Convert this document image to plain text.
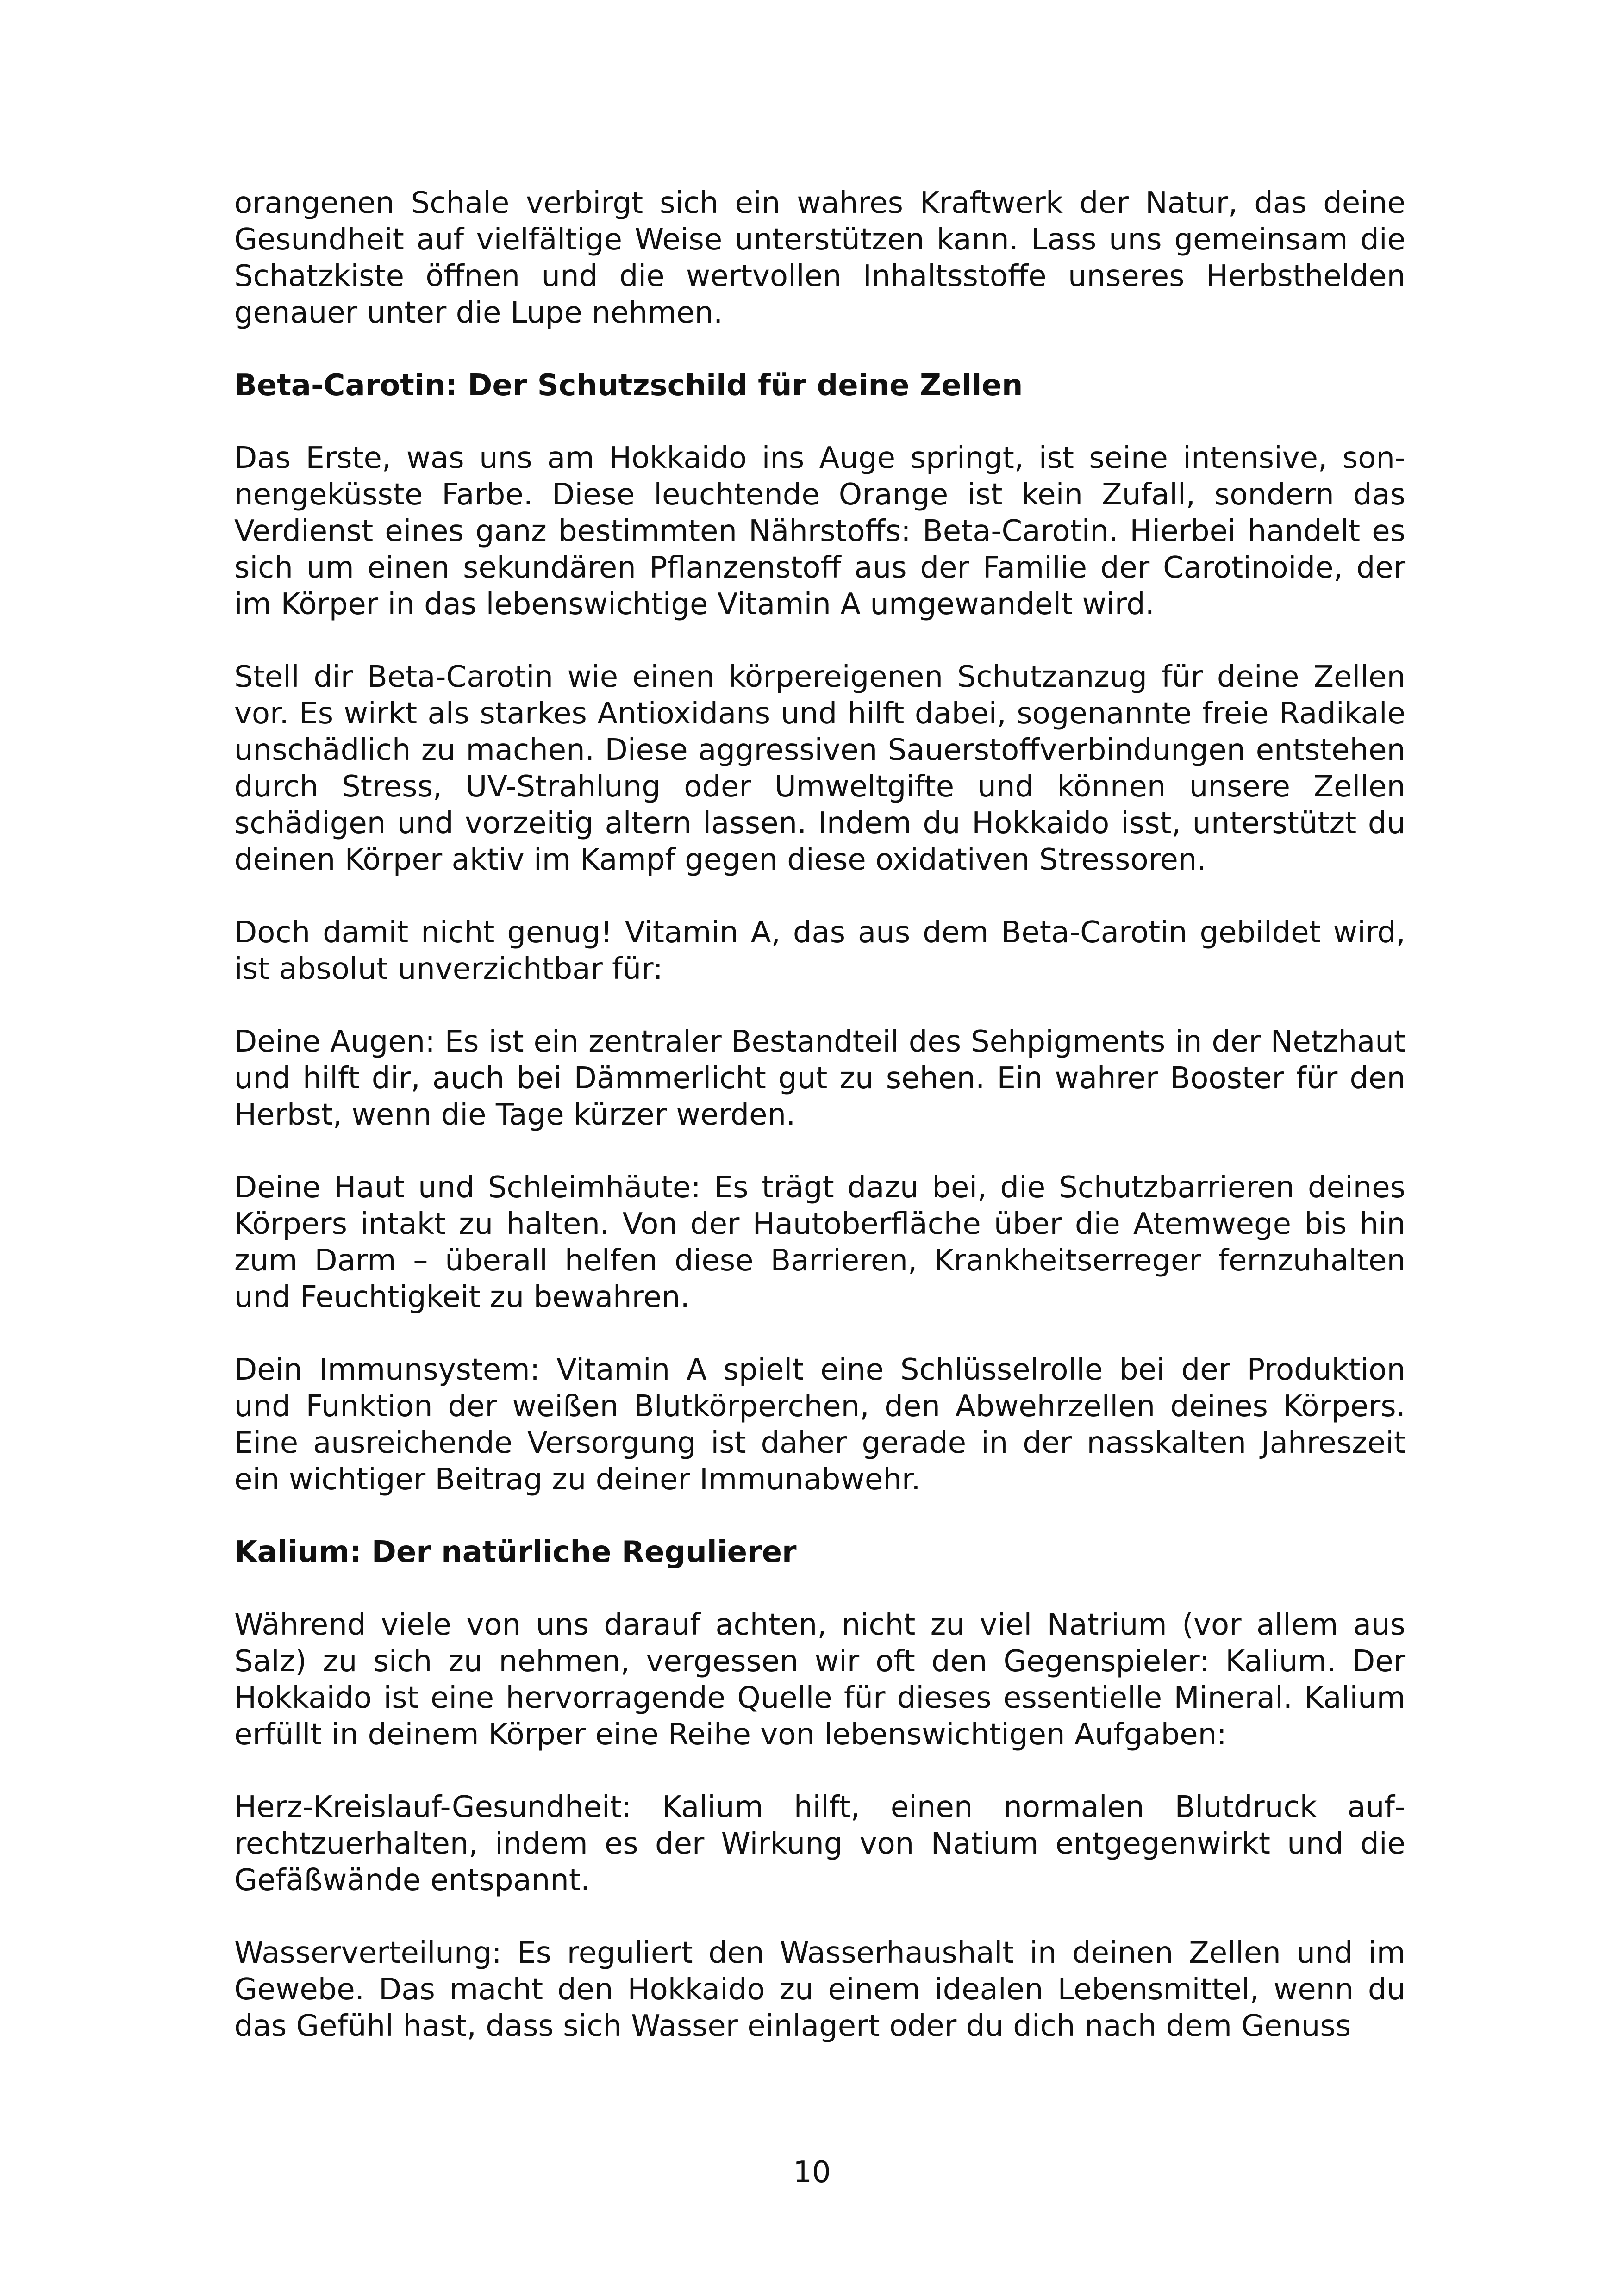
orangenen Schale verbirgt sich ein wahres Kraftwerk der Natur, das deine Gesundheit auf vielfältige Weise unterstützen kann. Lass uns gemeinsam die Schatzkiste öffnen und die wertvollen Inhaltsstoffe unseres Herbsthelden genauer unter die Lupe nehmen.

Beta-Carotin: Der Schutzschild für deine Zellen

Das Erste, was uns am Hokkaido ins Auge springt, ist seine intensive, sonnengeküsste Farbe. Diese leuchtende Orange ist kein Zufall, sondern das Verdienst eines ganz bestimmten Nährstoffs: Beta-Carotin. Hierbei handelt es sich um einen sekundären Pflanzenstoff aus der Familie der Carotinoide, der im Körper in das lebenswichtige Vitamin A umgewandelt wird.

Stell dir Beta-Carotin wie einen körpereigenen Schutzanzug für deine Zellen vor. Es wirkt als starkes Antioxidans und hilft dabei, sogenannte freie Radikale unschädlich zu machen. Diese aggressiven Sauerstoffverbindungen entstehen durch Stress, UV-Strahlung oder Umweltgifte und können unsere Zellen schädigen und vorzeitig altern lassen. Indem du Hokkaido isst, unterstützt du deinen Körper aktiv im Kampf gegen diese oxidativen Stressoren.

Doch damit nicht genug! Vitamin A, das aus dem Beta-Carotin gebildet wird, ist absolut unverzichtbar für:

Deine Augen: Es ist ein zentraler Bestandteil des Sehpigments in der Netzhaut und hilft dir, auch bei Dämmerlicht gut zu sehen. Ein wahrer Booster für den Herbst, wenn die Tage kürzer werden.

Deine Haut und Schleimhäute: Es trägt dazu bei, die Schutzbarrieren deines Körpers intakt zu halten. Von der Hautoberfläche über die Atemwege bis hin zum Darm – überall helfen diese Barrieren, Krankheitserreger fernzuhalten und Feuchtigkeit zu bewahren.

Dein Immunsystem: Vitamin A spielt eine Schlüsselrolle bei der Produktion und Funktion der weißen Blutkörperchen, den Abwehrzellen deines Körpers. Eine ausreichende Versorgung ist daher gerade in der nasskalten Jahreszeit ein wichtiger Beitrag zu deiner Immunabwehr.

Kalium: Der natürliche Regulierer

Während viele von uns darauf achten, nicht zu viel Natrium (vor allem aus Salz) zu sich zu nehmen, vergessen wir oft den Gegenspieler: Kalium. Der Hokkaido ist eine hervorragende Quelle für dieses essentielle Mineral. Kalium erfüllt in deinem Körper eine Reihe von lebenswichtigen Aufgaben:

Herz-Kreislauf-Gesundheit: Kalium hilft, einen normalen Blutdruck aufrechtzuerhalten, indem es der Wirkung von Natium entgegenwirkt und die Gefäßwände entspannt.

Wasserverteilung: Es reguliert den Wasserhaushalt in deinen Zellen und im Gewebe. Das macht den Hokkaido zu einem idealen Lebensmittel, wenn du das Gefühl hast, dass sich Wasser einlagert oder du dich nach dem Genuss

10
